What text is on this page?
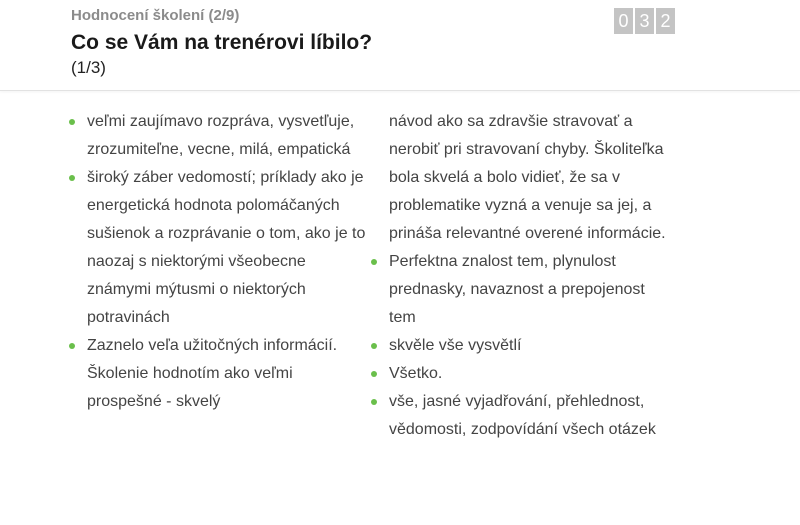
Hodnocení školení (2/9)
Co se Vám na trenérovi líbilo?
(1/3)
0 3 2
veľmi zaujímavo rozpráva, vysvetľuje, zrozumiteľne, vecne, milá, empatická
široký záber vedomostí; príklady ako je energetická hodnota polomáčaných sušienok a rozprávanie o tom, ako je to naozaj s niektorými všeobecne známymi mýtusmi o niektorých potravinách
Zaznelo veľa užitočných informácií. Školenie hodnotím ako veľmi prospešné - skvelý
návod ako sa zdravšie stravovať a nerobiť pri stravovaní chyby. Školiteľka bola skvelá a bolo vidieť, že sa v problematike vyzná a venuje sa jej, a prináša relevantné overené informácie.
Perfektna znalost tem, plynulost prednasky, navaznost a prepojenost tem
skvěle vše vysvětlí
Všetko.
vše, jasné vyjadřování, přehlednost, vědomosti, zodpovídání všech otázek
